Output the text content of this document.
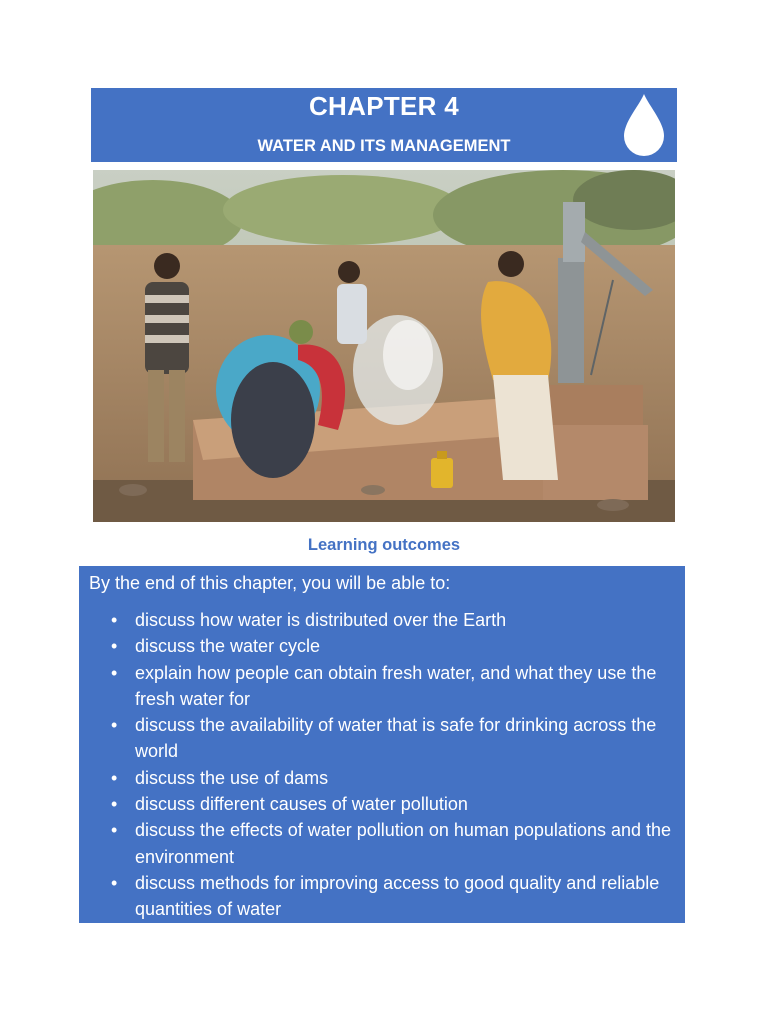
CHAPTER 4
WATER AND ITS MANAGEMENT
Learning outcomes
By the end of this chapter, you will be able to:
• discuss how water is distributed over the Earth
• discuss the water cycle
• explain how people can obtain fresh water, and what they use the fresh water for
• discuss the availability of water that is safe for drinking across the world
• discuss the use of dams
• discuss different causes of water pollution
• discuss the effects of water pollution on human populations and the environment
• discuss methods for improving access to good quality and reliable quantities of water
